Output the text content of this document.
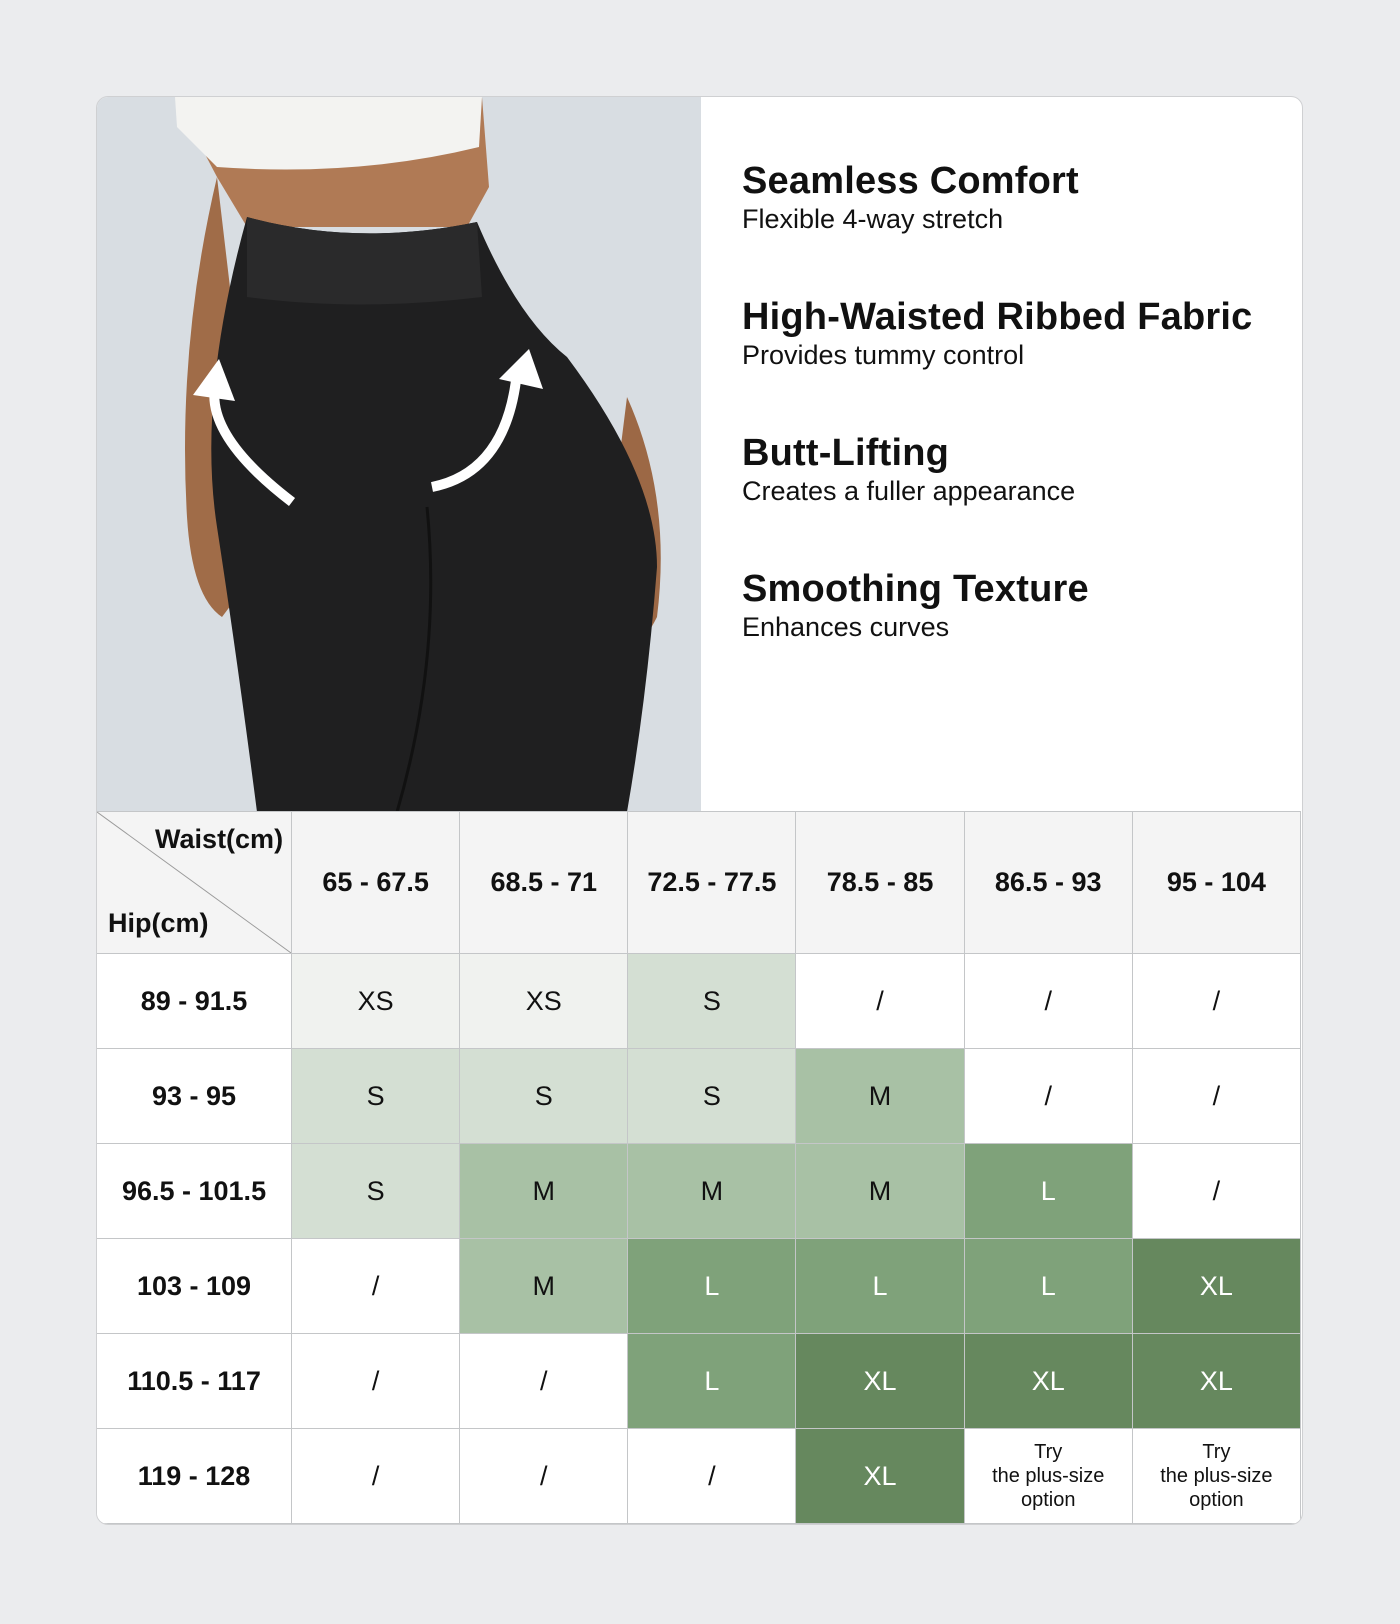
Seamless Comfort

Flexible 4-way stretch

High-Waisted Ribbed Fabric

Provides tummy control

Butt-Lifting

Creates a fuller appearance

Smoothing Texture

Enhances curves

Waist(cm)
Hip(cm)	65 - 67.5	68.5 - 71	72.5 - 77.5	78.5 - 85	86.5 - 93	95 - 104
89 - 91.5	XS	XS	S	/	/	/
93 - 95	S	S	S	M	/	/
96.5 - 101.5	S	M	M	M	L	/
103 - 109	/	M	L	L	L	XL
110.5 - 117	/	/	L	XL	XL	XL
119 - 128	/	/	/	XL	Try
the plus-size
option	Try
the plus-size
option
